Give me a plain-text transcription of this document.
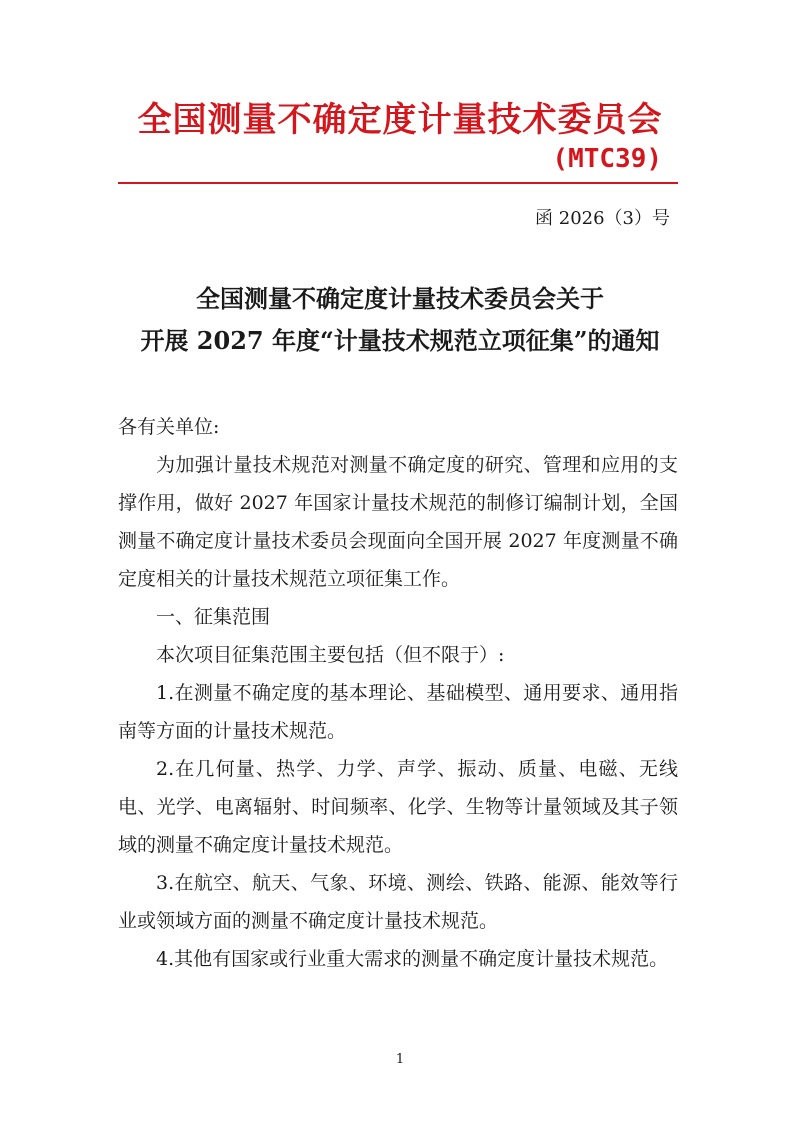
全国测量不确定度计量技术委员会
(MTC39)
函 2026（3）号
全国测量不确定度计量技术委员会关于
开展 2027 年度“计量技术规范立项征集”的通知

各有关单位:

为加强计量技术规范对测量不确定度的研究、管理和应用的支撑作用，做好 2027 年国家计量技术规范的制修订编制计划，全国测量不确定度计量技术委员会现面向全国开展 2027 年度测量不确定度相关的计量技术规范立项征集工作。

一、征集范围

本次项目征集范围主要包括（但不限于）:

1.在测量不确定度的基本理论、基础模型、通用要求、通用指南等方面的计量技术规范。

2.在几何量、热学、力学、声学、振动、质量、电磁、无线电、光学、电离辐射、时间频率、化学、生物等计量领域及其子领域的测量不确定度计量技术规范。

3.在航空、航天、气象、环境、测绘、铁路、能源、能效等行业或领域方面的测量不确定度计量技术规范。

4.其他有国家或行业重大需求的测量不确定度计量技术规范。

1
